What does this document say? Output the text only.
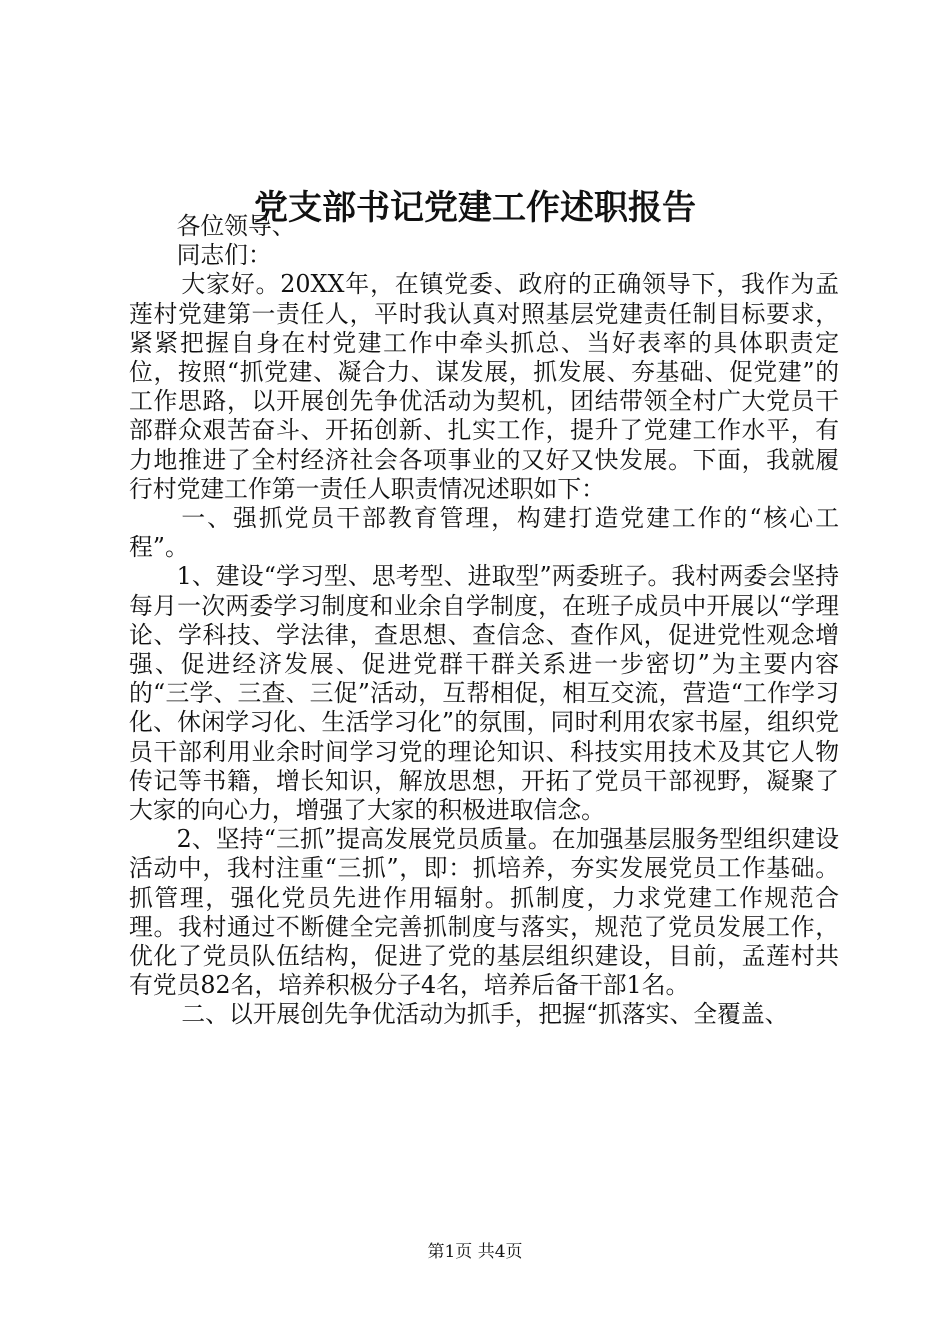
党支部书记党建工作述职报告

各位领导、

同志们：

大家好。20XX年，在镇党委、政府的正确领导下，我作为孟莲村党建第一责任人，平时我认真对照基层党建责任制目标要求，紧紧把握自身在村党建工作中牵头抓总、当好表率的具体职责定位，按照“抓党建、凝合力、谋发展，抓发展、夯基础、促党建”的工作思路，以开展创先争优活动为契机，团结带领全村广大党员干部群众艰苦奋斗、开拓创新、扎实工作，提升了党建工作水平，有力地推进了全村经济社会各项事业的又好又快发展。下面，我就履行村党建工作第一责任人职责情况述职如下：

一、强抓党员干部教育管理，构建打造党建工作的“核心工程”。

1、建设“学习型、思考型、进取型”两委班子。我村两委会坚持每月一次两委学习制度和业余自学制度，在班子成员中开展以“学理论、学科技、学法律，查思想、查信念、查作风，促进党性观念增强、促进经济发展、促进党群干群关系进一步密切”为主要内容的“三学、三查、三促”活动，互帮相促，相互交流，营造“工作学习化、休闲学习化、生活学习化”的氛围，同时利用农家书屋，组织党员干部利用业余时间学习党的理论知识、科技实用技术及其它人物传记等书籍，增长知识，解放思想，开拓了党员干部视野，凝聚了大家的向心力，增强了大家的积极进取信念。

2、坚持“三抓”提高发展党员质量。在加强基层服务型组织建设活动中，我村注重“三抓”，即：抓培养，夯实发展党员工作基础。抓管理，强化党员先进作用辐射。抓制度，力求党建工作规范合理。我村通过不断健全完善抓制度与落实，规范了党员发展工作，优化了党员队伍结构，促进了党的基层组织建设，目前，孟莲村共有党员82名，培养积极分子4名，培养后备干部1名。

二、以开展创先争优活动为抓手，把握“抓落实、全覆盖、

第1页 共4页
